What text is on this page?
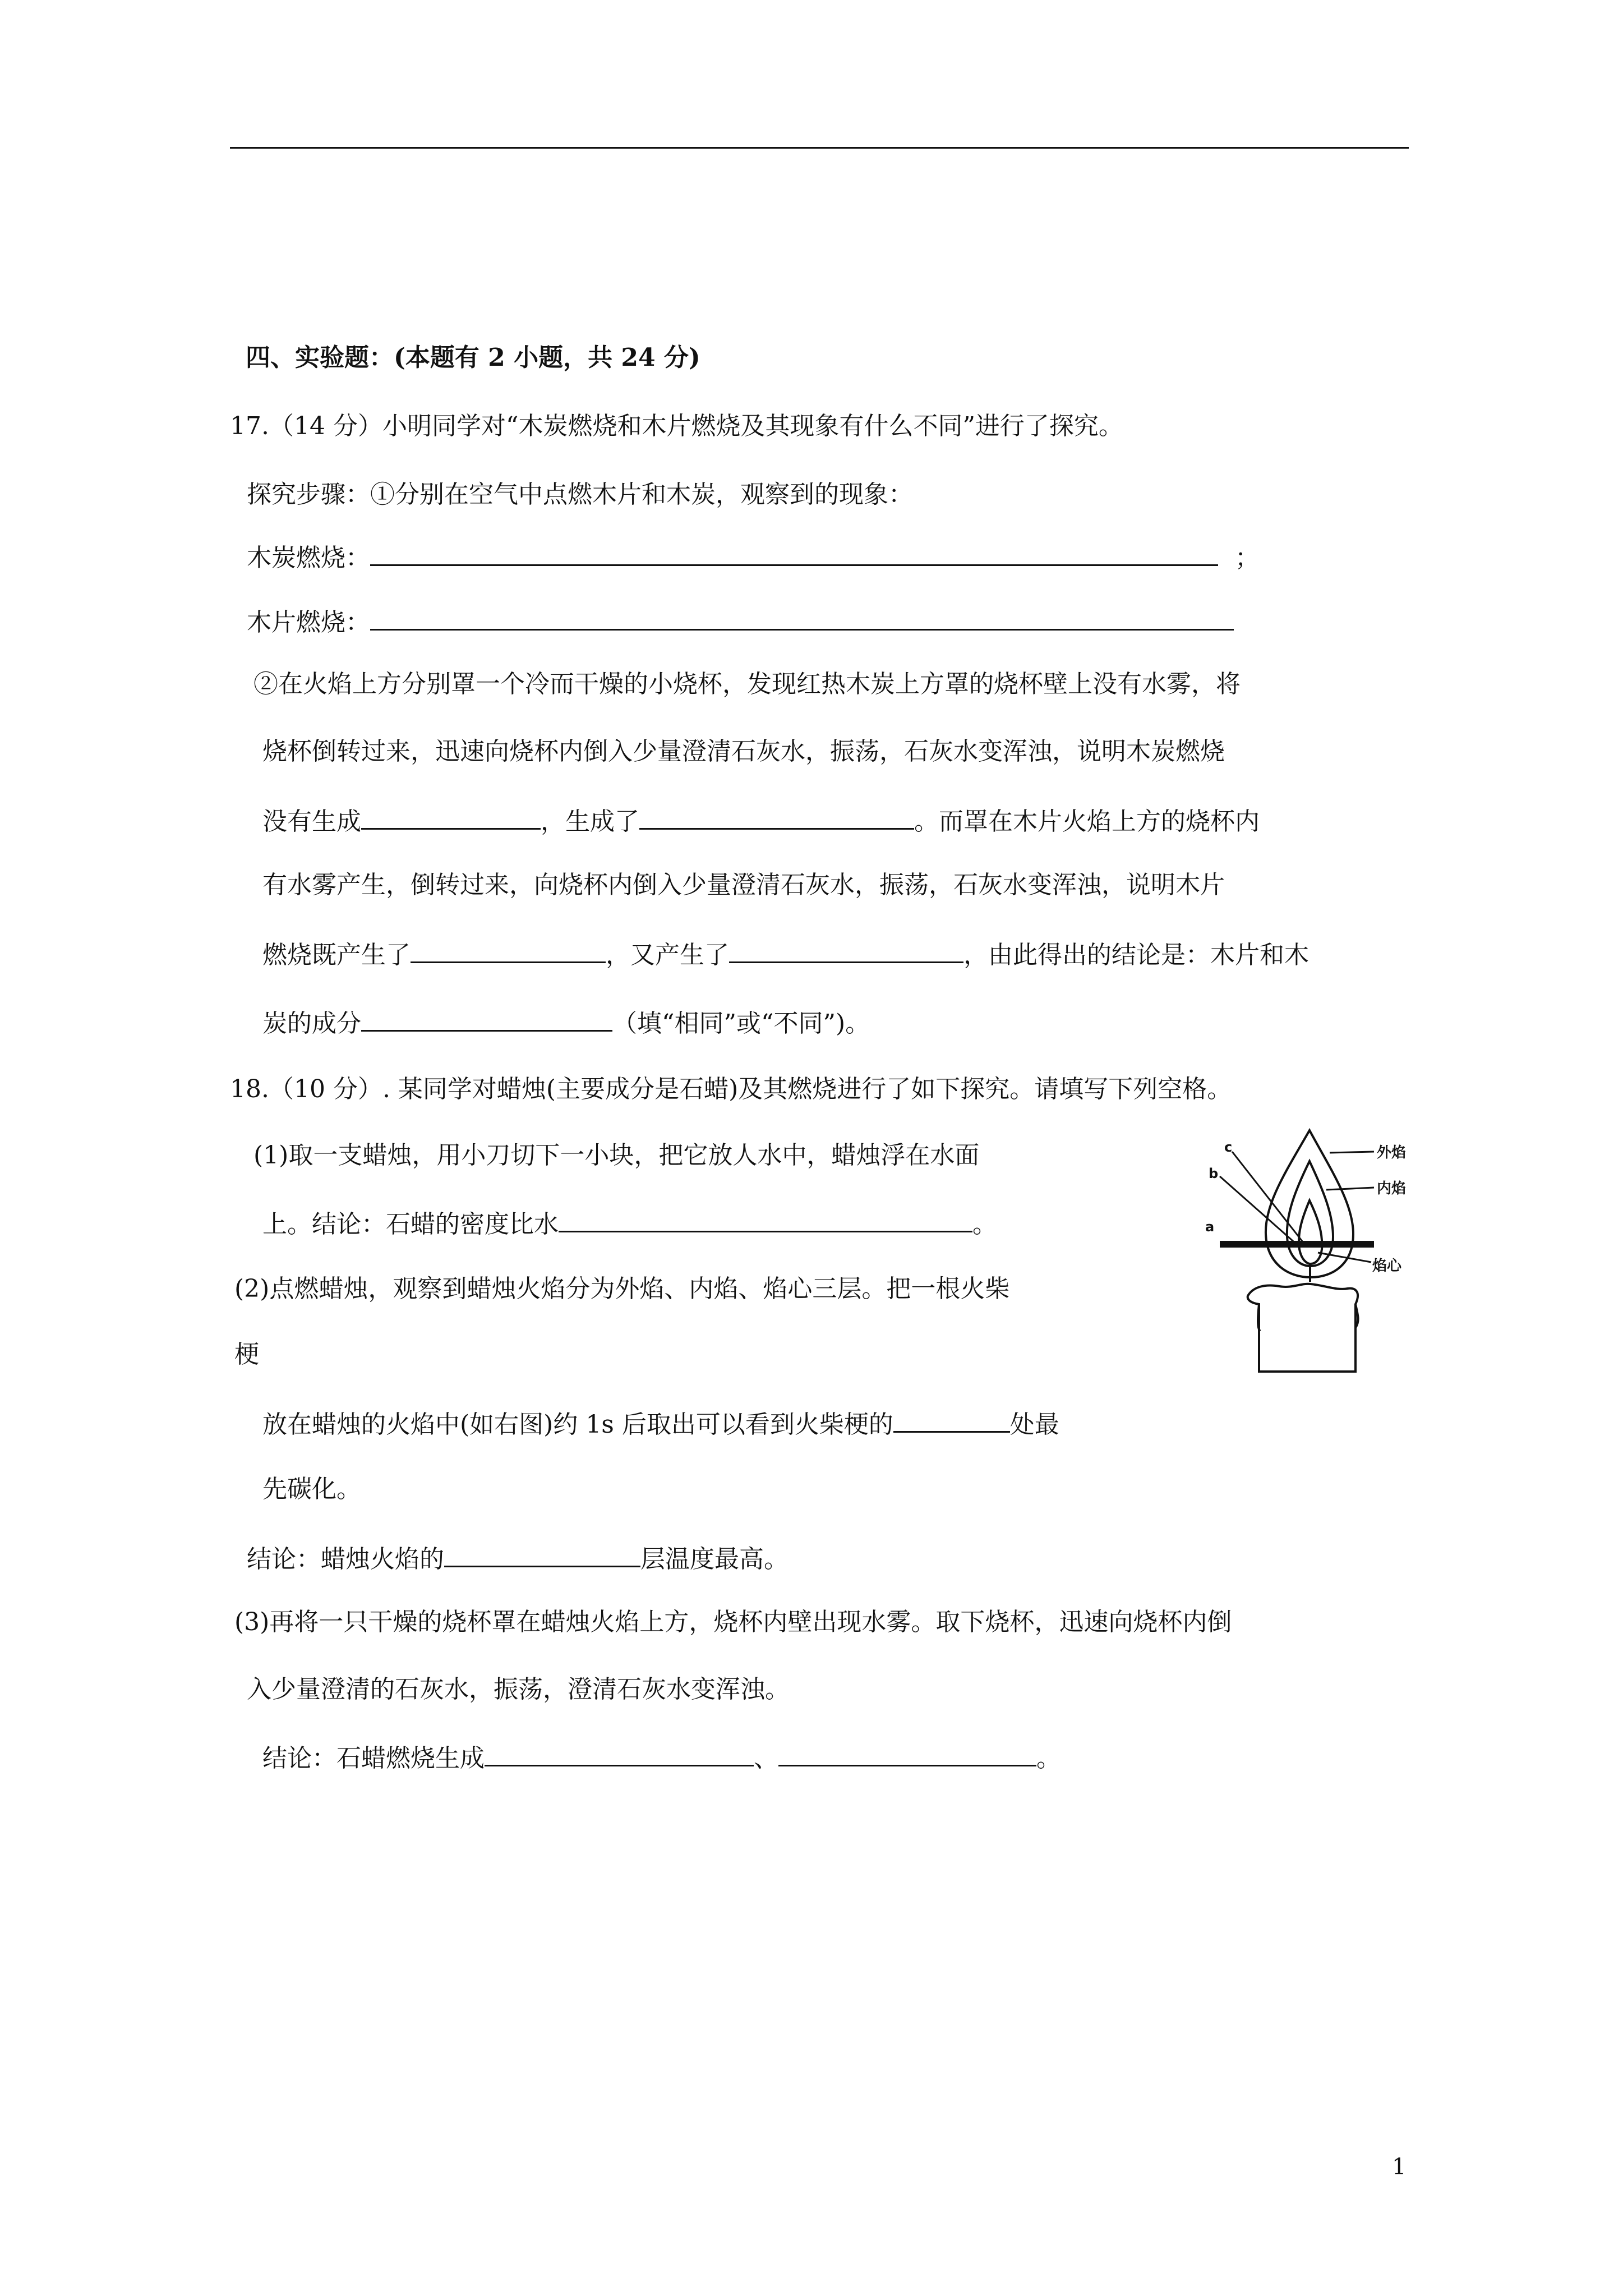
四、实验题：(本题有 2 小题，共 24 分)
17.（14 分）小明同学对“木炭燃烧和木片燃烧及其现象有什么不同”进行了探究。
探究步骤：①分别在空气中点燃木片和木炭，观察到的现象：
木炭燃烧：	；
木片燃烧：
②在火焰上方分别罩一个冷而干燥的小烧杯，发现红热木炭上方罩的烧杯壁上没有水雾，将
烧杯倒转过来，迅速向烧杯内倒入少量澄清石灰水，振荡，石灰水变浑浊，说明木炭燃烧
没有生成	，生成了	。而罩在木片火焰上方的烧杯内
有水雾产生，倒转过来，向烧杯内倒入少量澄清石灰水，振荡，石灰水变浑浊，说明木片
燃烧既产生了	，又产生了	，由此得出的结论是：木片和木
炭的成分	（填“相同”或“不同”)。
18.（10 分）. 某同学对蜡烛(主要成分是石蜡)及其燃烧进行了如下探究。请填写下列空格。
(1)取一支蜡烛，用小刀切下一小块，把它放人水中，蜡烛浮在水面
上。结论：石蜡的密度比水	。
(2)点燃蜡烛，观察到蜡烛火焰分为外焰、内焰、焰心三层。把一根火柴
梗
放在蜡烛的火焰中(如右图)约 1s 后取出可以看到火柴梗的	处最
先碳化。
结论：蜡烛火焰的	层温度最高。
(3)再将一只干燥的烧杯罩在蜡烛火焰上方，烧杯内壁出现水雾。取下烧杯，迅速向烧杯内倒
入少量澄清的石灰水，振荡，澄清石灰水变浑浊。
结论：石蜡燃烧生成	、	。
外焰
内焰
焰心
a
b
c
1
